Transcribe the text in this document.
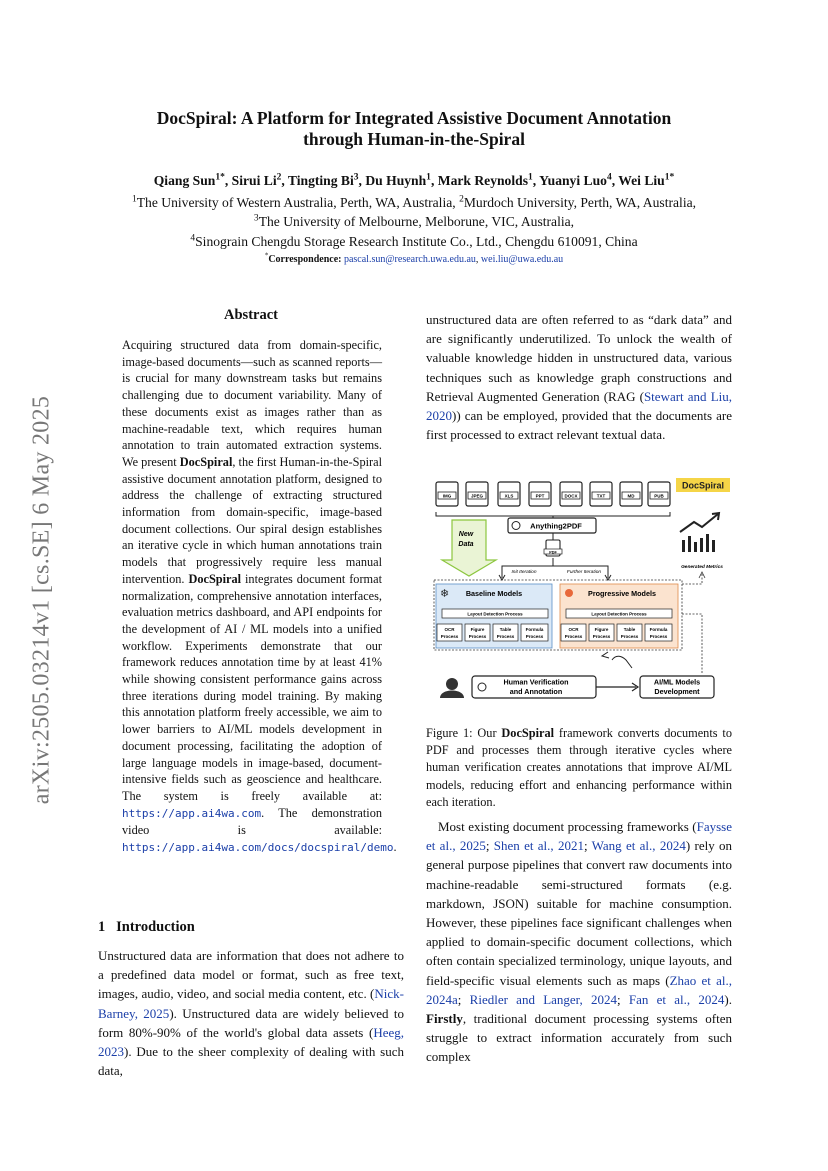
arXiv:2505.03214v1 [cs.SE] 6 May 2025
DocSpiral: A Platform for Integrated Assistive Document Annotation
through Human-in-the-Spiral
Qiang Sun$^{1*}$, Sirui Li$^2$, Tingting Bi$^3$, Du Huynh$^1$, Mark Reynolds$^1$, Yuanyi Luo$^4$, Wei Liu$^{1*}$
$^1$The University of Western Australia, Perth, WA, Australia, $^2$Murdoch University, Perth, WA, Australia,
$^3$The University of Melbourne, Melborune, VIC, Australia,
$^4$Sinograin Chengdu Storage Research Institute Co., Ltd., Chengdu 610091, China
*Correspondence: pascal.sun@research.uwa.edu.au, wei.liu@uwa.edu.au
Abstract
Acquiring structured data from domain-specific, image-based documents—such as scanned reports—is crucial for many downstream tasks but remains challenging due to document variability. Many of these documents exist as images rather than as machine-readable text, which requires human annotation to train automated extraction systems. We present DocSpiral, the first Human-in-the-Spiral assistive document annotation platform, designed to address the challenge of extracting structured information from domain-specific, image-based document collections. Our spiral design establishes an iterative cycle in which human annotations train models that progressively require less manual intervention. DocSpiral integrates document format normalization, comprehensive annotation interfaces, evaluation metrics dashboard, and API endpoints for the development of AI / ML models into a unified workflow. Experiments demonstrate that our framework reduces annotation time by at least 41% while showing consistent performance gains across three iterations during model training. By making this annotation platform freely accessible, we aim to lower barriers to AI/ML models development in document processing, facilitating the adoption of large language models in image-based, document-intensive fields such as geoscience and healthcare. The system is freely available at: https://app.ai4wa.com. The demonstration video is available: https://app.ai4wa.com/docs/docspiral/demo.
1 Introduction
Unstructured data are information that does not adhere to a predefined data model or format, such as free text, images, audio, video, and social media content, etc. (Nick-Barney, 2025). Unstructured data are widely believed to form 80%-90% of the world's global data assets (Heeg, 2023). Due to the sheer complexity of dealing with such data,
unstructured data are often referred to as “dark data” and are significantly underutilized. To unlock the wealth of valuable knowledge hidden in unstructured data, various techniques such as knowledge graph constructions and Retrieval Augmented Generation (RAG (Stewart and Liu, 2020)) can be employed, provided that the documents are first processed to extract relevant textual data.
IMG	JPEG	XLS	PPT	DOCX	TXT	MD	PUB
DocSpiral
New
Data
Anything2PDF
PDF
Init Iteration	Further Iteration
Generated Metrics
❄ Baseline Models
Layout Detection Process
OCR
Process
Figure
Process
Table
Process
Formula
Process
Progressive Models
Layout Detection Process
OCR
Process
Figure
Process
Table
Process
Formula
Process
Human Verification
and Annotation
AI/ML Models
Development
Figure 1: Our DocSpiral framework converts documents to PDF and processes them through iterative cycles where human verification creates annotations that improve AI/ML models, reducing effort and enhancing performance within each iteration.

Most existing document processing frameworks (Faysse et al., 2025; Shen et al., 2021; Wang et al., 2024) rely on general purpose pipelines that convert raw documents into machine-readable semi-structured formats (e.g. markdown, JSON) suitable for machine consumption. However, these pipelines face significant challenges when applied to domain-specific document collections, which often contain specialized terminology, unique layouts, and field-specific visual elements such as maps (Zhao et al., 2024a; Riedler and Langer, 2024; Fan et al., 2024). Firstly, traditional document processing systems often struggle to extract information accurately from such complex
